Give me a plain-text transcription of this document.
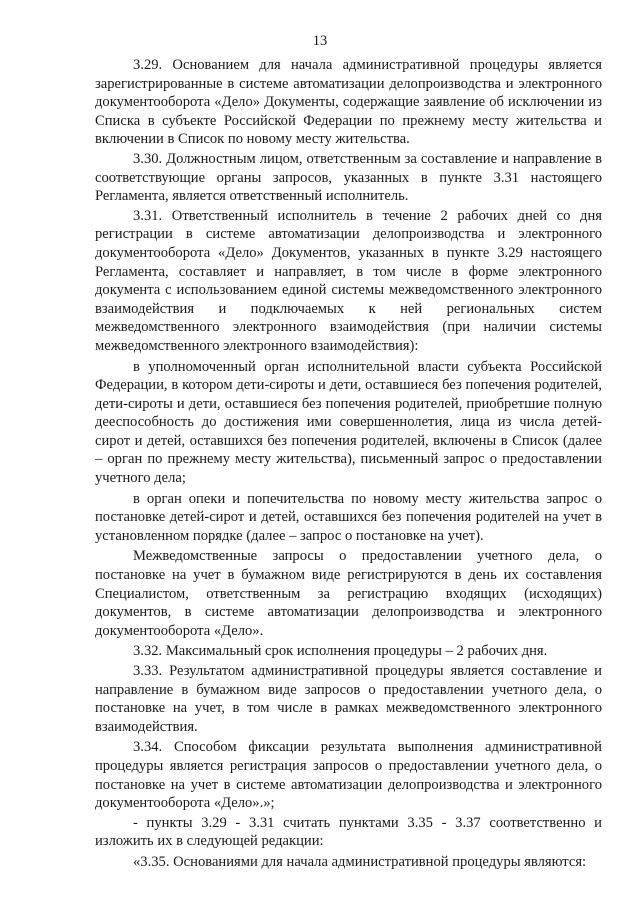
13

3.29. Основанием для начала административной процедуры является зарегистрированные в системе автоматизации делопроизводства и электронного документооборота «Дело» Документы, содержащие заявление об исключении из Списка в субъекте Российской Федерации по прежнему месту жительства и включении в Список по новому месту жительства.

3.30. Должностным лицом, ответственным за составление и направление в соответствующие органы запросов, указанных в пункте 3.31 настоящего Регламента, является ответственный исполнитель.

3.31. Ответственный исполнитель в течение 2 рабочих дней со дня регистрации в системе автоматизации делопроизводства и электронного документооборота «Дело» Документов, указанных в пункте 3.29 настоящего Регламента, составляет и направляет, в том числе в форме электронного документа с использованием единой системы межведомственного электронного взаимодействия и подключаемых к ней региональных систем межведомственного электронного взаимодействия (при наличии системы межведомственного электронного взаимодействия):

в уполномоченный орган исполнительной власти субъекта Российской Федерации, в котором дети-сироты и дети, оставшиеся без попечения родителей, дети-сироты и дети, оставшиеся без попечения родителей, приобретшие полную дееспособность до достижения ими совершеннолетия, лица из числа детей-сирот и детей, оставшихся без попечения родителей, включены в Список (далее – орган по прежнему месту жительства), письменный запрос о предоставлении учетного дела;

в орган опеки и попечительства по новому месту жительства запрос о постановке детей-сирот и детей, оставшихся без попечения родителей на учет в установленном порядке (далее – запрос о постановке на учет).

Межведомственные запросы о предоставлении учетного дела, о постановке на учет в бумажном виде регистрируются в день их составления Специалистом, ответственным за регистрацию входящих (исходящих) документов, в системе автоматизации делопроизводства и электронного документооборота «Дело».

3.32. Максимальный срок исполнения процедуры – 2 рабочих дня.

3.33. Результатом административной процедуры является составление и направление в бумажном виде запросов о предоставлении учетного дела, о постановке на учет, в том числе в рамках межведомственного электронного взаимодействия.

3.34. Способом фиксации результата выполнения административной процедуры является регистрация запросов о предоставлении учетного дела, о постановке на учет в системе автоматизации делопроизводства и электронного документооборота «Дело».»;

- пункты 3.29 - 3.31 считать пунктами 3.35 - 3.37 соответственно и изложить их в следующей редакции:

«3.35. Основаниями для начала административной процедуры являются:
